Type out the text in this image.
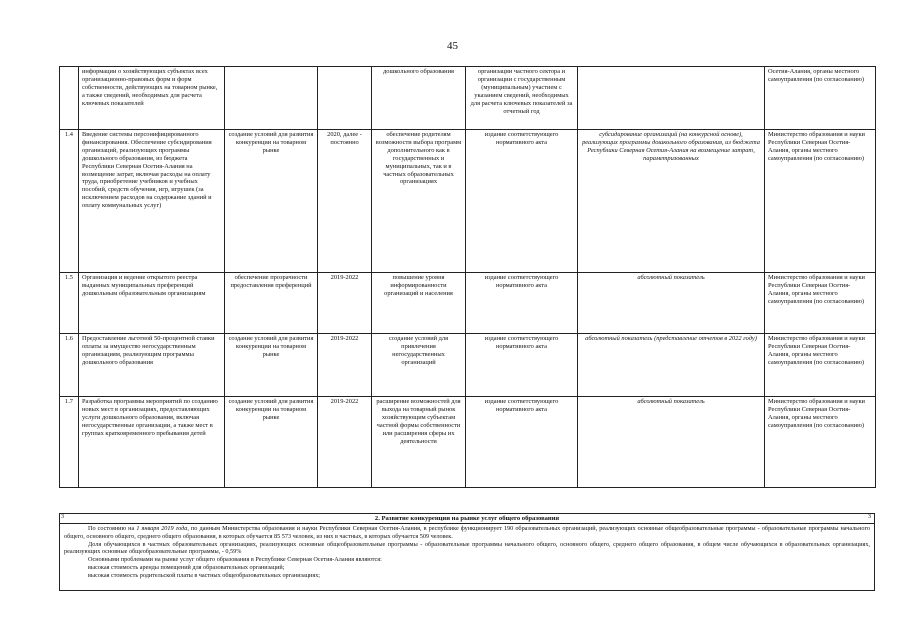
45

	информации о хозяйствующих субъектах всех организационно-правовых форм и форм собственности, действующих на товарном рынке, а также сведений, необходимых для расчета ключевых показателей			дошкольного образования	организации частного сектора и организации с государственным (муниципальным) участием с указанием сведений, необходимых для расчета ключевых показателей за отчетный год		Осетия-Алания, органы местного самоуправления (по согласованию)

1.4	Введение системы персонифицированного финансирования. Обеспечение субсидирования организаций, реализующих программы дошкольного образования, из бюджета Республики Северная Осетия-Алания на возмещение затрат, включая расходы на оплату труда, приобретение учебников и учебных пособий, средств обучения, игр, игрушек (за исключением расходов на содержание зданий и оплату коммунальных услуг)	создание условий для развития конкуренции на товарном рынке	2020, далее - постоянно	обеспечение родителям возможности выбора программ дополнительного как в государственных и муниципальных, так и в частных образовательных организациях	издание соответствующего нормативного акта	субсидирование организаций (на конкурсной основе), реализующих программы дошкольного образования, из бюджета Республики Северная Осетия-Алания на возмещение затрат, параметризованных	Министерство образования и науки Республики Северная Осетия-Алания, органы местного самоуправления (по согласованию)
1.5	Организация и ведение открытого реестра выданных муниципальных преференций дошкольным образовательным организациям	обеспечение прозрачности предоставления преференций	2019-2022	повышение уровня информированности организаций и населения	издание соответствующего нормативного акта	абсолютный показатель	Министерство образования и науки Республики Северная Осетия-Алания, органы местного самоуправления (по согласованию)
1.6	Предоставление льготной 50-процентной ставки оплаты за имущество негосударственным организациям, реализующим программы дошкольного образования	создание условий для развития конкуренции на товарном рынке	2019-2022	создание условий для привлечения негосударственных организаций	издание соответствующего нормативного акта	абсолютный показатель (представление отчетов в 2022 году)	Министерство образования и науки Республики Северная Осетия-Алания, органы местного самоуправления (по согласованию)
1.7	Разработка программы мероприятий по созданию новых мест в организациях, предоставляющих услуги дошкольного образования, включая негосударственные организации, а также мест в группах кратковременного пребывания детей	создание условий для развития конкуренции на товарном рынке	2019-2022	расширение возможностей для выхода на товарный рынок хозяйствующим субъектам частной формы собственности или расширения сферы их деятельности	издание соответствующего нормативного акта	абсолютный показатель	Министерство образования и науки Республики Северная Осетия-Алания, органы местного самоуправления (по согласованию)
3	3
2. Развитие конкуренции на рынке услуг общего образования

По состоянию на 1 января 2019 года, по данным Министерства образования и науки Республики Северная Осетия-Алания, в республике функционирует 190 образовательных организаций, реализующих основные общеобразовательные программы - образовательные программы начального общего, основного общего, среднего общего образования, в которых обучается 85 573 человек, из них в частных, в которых обучается 509 человек.

Доля обучающихся в частных образовательных организациях, реализующих основные общеобразовательные программы - образовательные программы начального общего, основного общего, среднего общего образования, в общем числе обучающихся в образовательных организациях, реализующих основные общеобразовательные программы, - 0,59%

Основными проблемами на рынке услуг общего образования в Республике Северная Осетия-Алания являются:

высокая стоимость аренды помещений для образовательных организаций;

высокая стоимость родительской платы в частных общеобразовательных организациях;
